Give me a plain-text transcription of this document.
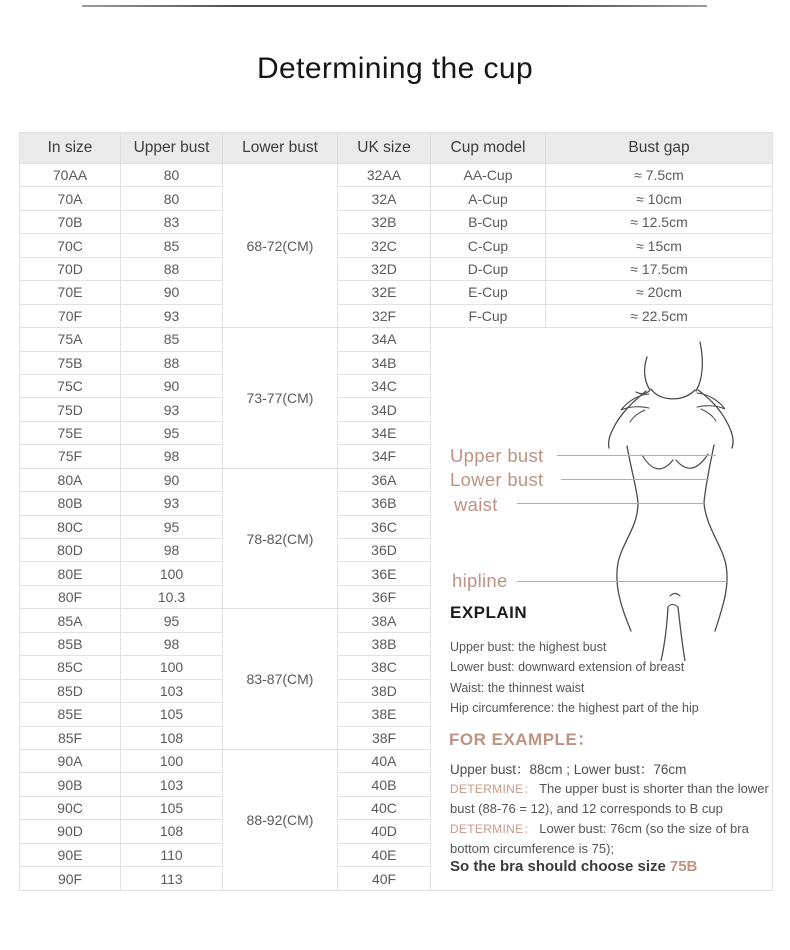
Determining the cup
In size	Upper bust	Lower bust	UK size	Cup model	Bust gap
70AA	80	68-72(CM)	32AA	AA-Cup	≈ 7.5cm
70A	80		32A	A-Cup	≈ 10cm
70B	83		32B	B-Cup	≈ 12.5cm
70C	85		32C	C-Cup	≈ 15cm
70D	88		32D	D-Cup	≈ 17.5cm
70E	90		32E	E-Cup	≈ 20cm
70F	93		32F	F-Cup	≈ 22.5cm
75A	85	73-77(CM)	34A		
75B	88		34B		
75C	90		34C		
75D	93		34D		
75E	95		34E		
75F	98		34F		
80A	90	78-82(CM)	36A		
80B	93		36B		
80C	95		36C		
80D	98		36D		
80E	100		36E		
80F	10.3		36F		
85A	95	83-87(CM)	38A		
85B	98		38B		
85C	100		38C		
85D	103		38D		
85E	105		38E		
85F	108		38F		
90A	100	88-92(CM)	40A		
90B	103		40B		
90C	105		40C		
90D	108		40D		
90E	110		40E		
90F	113		40F		
Upper bust
Lower bust
waist
hipline
EXPLAIN
Upper bust: the highest bust
Lower bust: downward extension of breast
Waist: the thinnest waist
Hip circumference: the highest part of the hip
FOR EXAMPLE：
Upper bust：88cm ; Lower bust：76cm

DETERMINE： The upper bust is shorter than the lower bust (88-76 = 12), and 12 corresponds to B cup

DETERMINE： Lower bust: 76cm (so the size of bra bottom circumference is 75);

So the bra should choose size 75B
